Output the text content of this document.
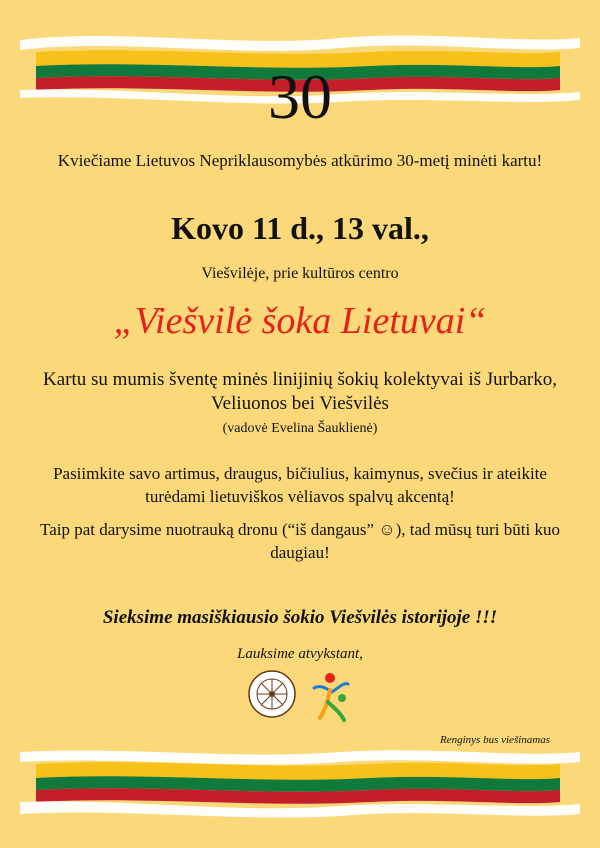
30
Kviečiame Lietuvos Nepriklausomybės atkūrimo 30-metį minėti kartu!
Kovo 11 d., 13 val.,
Viešvilėje, prie kultūros centro
„Viešvilė šoka Lietuvai“
Kartu su mumis šventę minės linijinių šokių kolektyvai iš Jurbarko, Veliuonos bei Viešvilės
(vadovė Evelina Šauklienė)
Pasiimkite savo artimus, draugus, bičiulius, kaimynus, svečius ir ateikite turėdami lietuviškos vėliavos spalvų akcentą!
Taip pat darysime nuotrauką dronu (“iš dangaus” ☺), tad mūsų turi būti kuo daugiau!
Sieksime masiškiausio šokio Viešvilės istorijoje !!!
Lauksime atvykstant,
Renginys bus viešinamas
